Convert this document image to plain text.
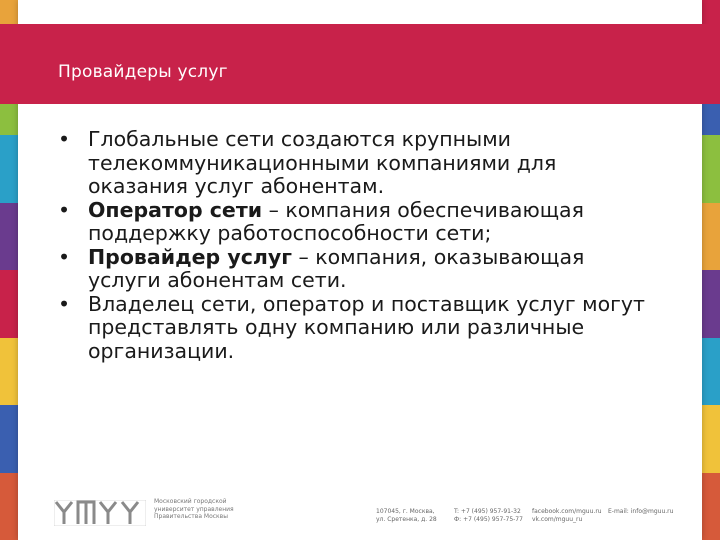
Провайдеры услуг
• Глобальные сети создаются крупными телекоммуникационными компаниями для оказания услуг абонентам.
• Оператор сети – компания обеспечивающая поддержку работоспособности сети;
• Провайдер услуг – компания, оказывающая услуги абонентам сети.
• Владелец сети, оператор и поставщик услуг могут представлять одну компанию или различные организации.
Московский городской
университет управления
Правительства Москвы
107045, г. Москва,
ул. Сретенка, д. 28
T: +7 (495) 957-91-32
Ф: +7 (495) 957-75-77
facebook.com/mguu.ru
vk.com/mguu_ru
E-mail: info@mguu.ru
